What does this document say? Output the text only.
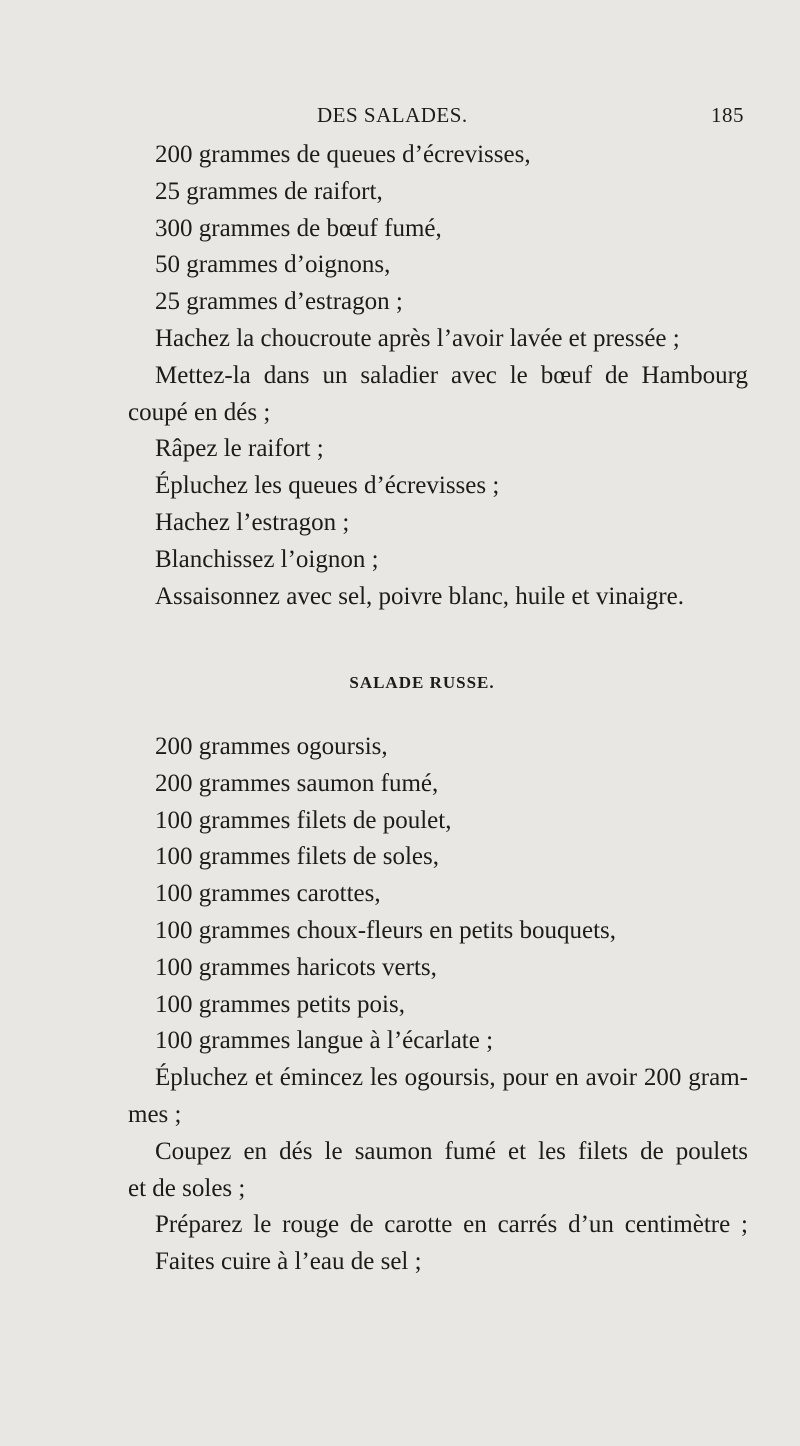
DES SALADES.	185
200 grammes de queues d’écrevisses,
25 grammes de raifort,
300 grammes de bœuf fumé,
50 grammes d’oignons,
25 grammes d’estragon ;
Hachez la choucroute après l’avoir lavée et pressée ;
Mettez-la dans un saladier avec le bœuf de Hambourg
coupé en dés ;
Râpez le raifort ;
Épluchez les queues d’écrevisses ;
Hachez l’estragon ;
Blanchissez l’oignon ;
Assaisonnez avec sel, poivre blanc, huile et vinaigre.
SALADE RUSSE.
200 grammes ogoursis,
200 grammes saumon fumé,
100 grammes filets de poulet,
100 grammes filets de soles,
100 grammes carottes,
100 grammes choux-fleurs en petits bouquets,
100 grammes haricots verts,
100 grammes petits pois,
100 grammes langue à l’écarlate ;
Épluchez et émincez les ogoursis, pour en avoir 200 gram-
mes ;
Coupez en dés le saumon fumé et les filets de poulets
et de soles ;
Préparez le rouge de carotte en carrés d’un centimètre ;
Faites cuire à l’eau de sel ;
